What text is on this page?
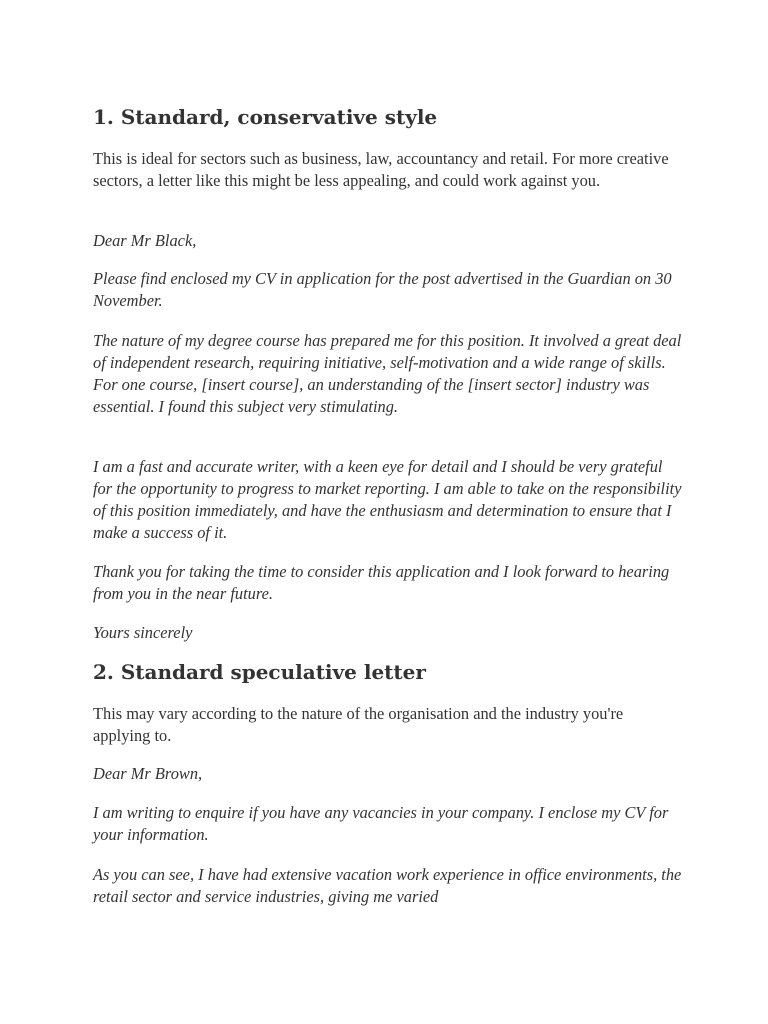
1. Standard, conservative style

This is ideal for sectors such as business, law, accountancy and retail. For more creative sectors, a letter like this might be less appealing, and could work against you.

Dear Mr Black,

Please find enclosed my CV in application for the post advertised in the Guardian on 30 November.

The nature of my degree course has prepared me for this position. It involved a great deal of independent research, requiring initiative, self-motivation and a wide range of skills. For one course, [insert course], an understanding of the [insert sector] industry was essential. I found this subject very stimulating.

I am a fast and accurate writer, with a keen eye for detail and I should be very grateful for the opportunity to progress to market reporting. I am able to take on the responsibility of this position immediately, and have the enthusiasm and determination to ensure that I make a success of it.

Thank you for taking the time to consider this application and I look forward to hearing from you in the near future.

Yours sincerely

2. Standard speculative letter

This may vary according to the nature of the organisation and the industry you're applying to.

Dear Mr Brown,

I am writing to enquire if you have any vacancies in your company. I enclose my CV for your information.

As you can see, I have had extensive vacation work experience in office environments, the retail sector and service industries, giving me varied
